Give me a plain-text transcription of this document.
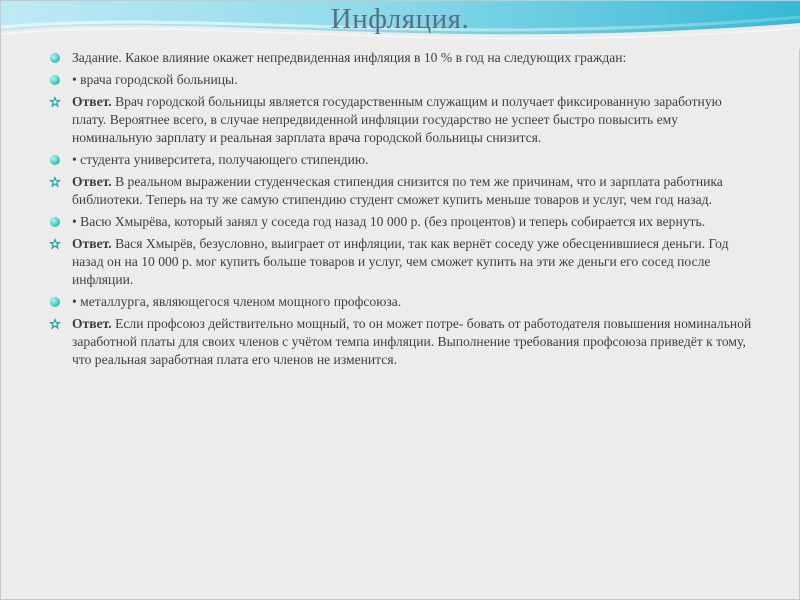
Инфляция.
Задание. Какое влияние окажет непредвиденная инфляция в 10 % в год на следующих граждан:
• врача городской больницы.
Ответ. Врач городской больницы является государственным служащим и получает фиксированную заработную плату. Вероятнее всего, в случае непредвиденной инфляции государство не успеет быстро повысить ему номинальную зарплату и реальная зарплата врача городской больницы снизится.
• студента университета, получающего стипендию.
Ответ. В реальном выражении студенческая стипендия снизится по тем же причинам, что и зарплата работника библиотеки. Теперь на ту же самую стипендию студент сможет купить меньше товаров и услуг, чем год назад.
• Васю Хмырёва, который занял у соседа год назад 10 000 р. (без процентов) и теперь собирается их вернуть.
Ответ. Вася Хмырёв, безусловно, выиграет от инфляции, так как вернёт соседу уже обесценившиеся деньги. Год назад он на 10 000 р. мог купить больше товаров и услуг, чем сможет купить на эти же деньги его сосед после инфляции.
• металлурга, являющегося членом мощного профсоюза.
Ответ. Если профсоюз действительно мощный, то он может потре- бовать от работодателя повышения номинальной заработной платы для своих членов с учётом темпа инфляции. Выполнение требования профсоюза приведёт к тому, что реальная заработная плата его членов не изменится.
